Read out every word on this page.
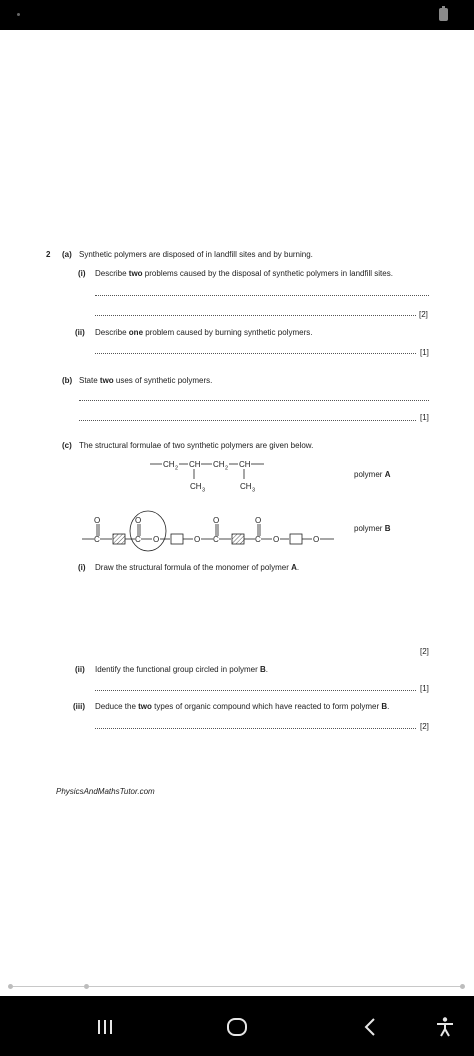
2 (a) Synthetic polymers are disposed of in landfill sites and by burning.
(i) Describe two problems caused by the disposal of synthetic polymers in landfill sites.
[2]
(ii) Describe one problem caused by burning synthetic polymers.
[1]
(b) State two uses of synthetic polymers.
[1]
(c) The structural formulae of two synthetic polymers are given below.
CH 2 CH CH 2 CH
CH 3	CH 3
polymer A
C
O
C
O
O	O C
O
C
O
O	O
polymer B
(i) Draw the structural formula of the monomer of polymer A.
[2]
(ii) Identify the functional group circled in polymer B.
[1]
(iii) Deduce the two types of organic compound which have reacted to form polymer B.
[2]
PhysicsAndMathsTutor.com
